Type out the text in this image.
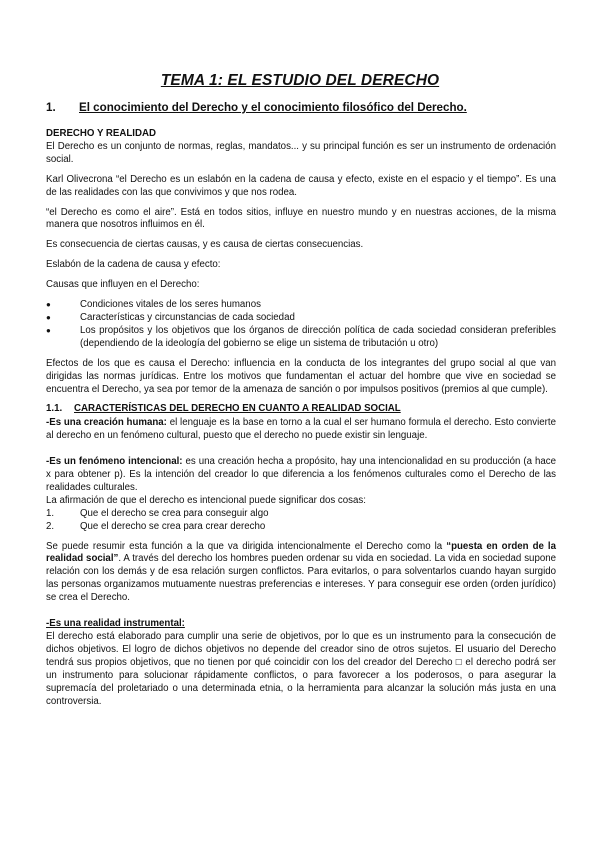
TEMA 1: EL ESTUDIO DEL DERECHO
1. El conocimiento del Derecho y el conocimiento filosófico del Derecho.
DERECHO Y REALIDAD

El Derecho es un conjunto de normas, reglas, mandatos... y su principal función es ser un instrumento de ordenación social.

Karl Olivecrona “el Derecho es un eslabón en la cadena de causa y efecto, existe en el espacio y el tiempo”. Es una de las realidades con las que convivimos y que nos rodea.

“el Derecho es como el aire”. Está en todos sitios, influye en nuestro mundo y en nuestras acciones, de la misma manera que nosotros influimos en él.

Es consecuencia de ciertas causas, y es causa de ciertas consecuencias.

Eslabón de la cadena de causa y efecto:

Causas que influyen en el Derecho:

● Condiciones vitales de los seres humanos
● Características y circunstancias de cada sociedad
● Los propósitos y los objetivos que los órganos de dirección política de cada sociedad consideran preferibles (dependiendo de la ideología del gobierno se elige un sistema de tributación u otro)

Efectos de los que es causa el Derecho: influencia en la conducta de los integrantes del grupo social al que van dirigidas las normas jurídicas. Entre los motivos que fundamentan el actuar del hombre que vive en sociedad se encuentra el Derecho, ya sea por temor de la amenaza de sanción o por impulsos positivos (premios al que cumple).

1.1. CARACTERÍSTICAS DEL DERECHO EN CUANTO A REALIDAD SOCIAL

-Es una creación humana: el lenguaje es la base en torno a la cual el ser humano formula el derecho. Esto convierte al derecho en un fenómeno cultural, puesto que el derecho no puede existir sin lenguaje.

-Es un fenómeno intencional: es una creación hecha a propósito, hay una intencionalidad en su producción (a hace x para obtener p). Es la intención del creador lo que diferencia a los fenómenos culturales como el Derecho de las realidades culturales.
La afirmación de que el derecho es intencional puede significar dos cosas:
1.	Que el derecho se crea para conseguir algo
2.	Que el derecho se crea para crear derecho

Se puede resumir esta función a la que va dirigida intencionalmente el Derecho como la “puesta en orden de la realidad social”. A través del derecho los hombres pueden ordenar su vida en sociedad. La vida en sociedad supone relación con los demás y de esa relación surgen conflictos. Para evitarlos, o para solventarlos cuando hayan surgido las personas organizamos mutuamente nuestras preferencias e intereses. Y para conseguir ese orden (orden jurídico) se crea el Derecho.

-Es una realidad instrumental:
El derecho está elaborado para cumplir una serie de objetivos, por lo que es un instrumento para la consecución de dichos objetivos. El logro de dichos objetivos no depende del creador sino de otros sujetos. El usuario del Derecho tendrá sus propios objetivos, que no tienen por qué coincidir con los del creador del Derecho □ el derecho podrá ser un instrumento para solucionar rápidamente conflictos, o para favorecer a los poderosos, o para asegurar la supremacía del proletariado o una determinada etnia, o la herramienta para alcanzar la solución más justa en una controversia.
